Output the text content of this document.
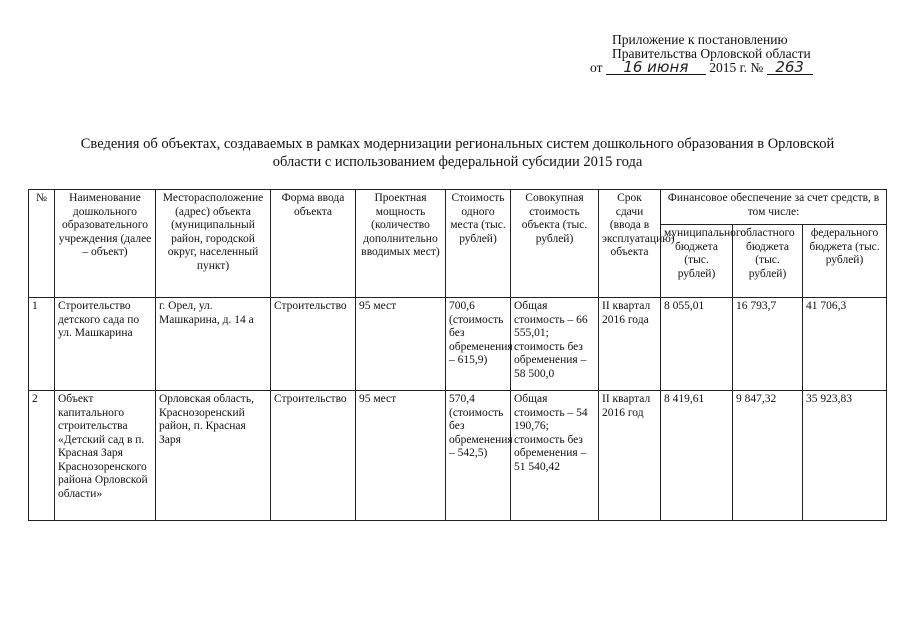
Приложение к постановлению
Правительства Орловской области
от 16 июня 2015 г. № 263
Сведения об объектах, создаваемых в рамках модернизации региональных систем дошкольного образования в Орловской
области с использованием федеральной субсидии 2015 года
№	Наименование дошкольного образовательного учреждения (далее – объект)	Месторасположение (адрес) объекта (муниципальный район, городской округ, населенный пункт)	Форма ввода объекта	Проектная мощность (количество дополнительно вводимых мест)	Стоимость одного места (тыс. рублей)	Совокупная стоимость объекта (тыс. рублей)	Срок сдачи (ввода в эксплуатацию) объекта	Финансовое обеспечение за счет средств, в том числе:		
								муниципального бюджета (тыс. рублей)	областного бюджета (тыс. рублей)	федерального бюджета (тыс. рублей)
1	Строительство детского сада по ул. Машкарина	г. Орел, ул. Машкарина, д. 14 а	Строительство	95 мест	700,6 (стоимость без обременения – 615,9)	Общая стоимость – 66 555,01; стоимость без обременения – 58 500,0	II квартал 2016 года	8 055,01	16 793,7	41 706,3
2	Объект капитального строительства «Детский сад в п. Красная Заря Краснозоренского района Орловской области»	Орловская область, Краснозоренский район, п. Красная Заря	Строительство	95 мест	570,4 (стоимость без обременения – 542,5)	Общая стоимость – 54 190,76; стоимость без обременения – 51 540,42	II квартал 2016 год	8 419,61	9 847,32	35 923,83
